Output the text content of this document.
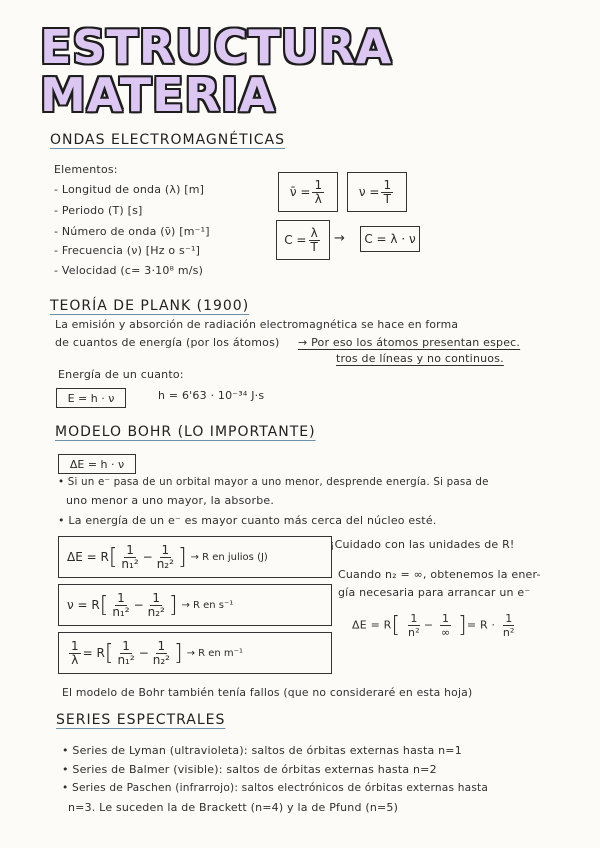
ESTRUCTURA
MATERIA
ONDAS ELECTROMAGNÉTICAS
Elementos:
- Longitud de onda (λ) [m]
- Periodo (T) [s]
- Número de onda (ν̄) [m⁻¹]
- Frecuencia (ν) [Hz o s⁻¹]
- Velocidad (c= 3·10⁸ m/s)
ν̄ = $\frac{1}{\lambda}$	$\nu = \frac{1}{T}$
$C = \frac{\lambda}{T}$ →	C = λ · ν
TEORÍA DE PLANK (1900)
La emisión y absorción de radiación electromagnética se hace en forma
de cuantos de energía (por los átomos) → Por eso los átomos presentan espec.
tros de líneas y no continuos.
Energía de un cuanto:
E = h · ν	h = 6'63 · 10⁻³⁴ J·s
MODELO BOHR (LO IMPORTANTE)
ΔE = h · ν
• Si un e⁻ pasa de un orbital mayor a uno menor, desprende energía. Si pasa de
uno menor a uno mayor, la absorbe.
• La energía de un e⁻ es mayor cuanto más cerca del núcleo esté.
ΔE = R [ 1
n₁² −
1
n₂² ] → R en julios (J)
ν = R [ 1
n₁² −
1
n₂² ] → R en s⁻¹
$\frac{1}{\lambda} = R$ [ 1
n₁² −
1
n₂² ] → R en m⁻¹
¡Cuidado con las unidades de R!
Cuando n₂ = ∞, obtenemos la ener-
gía necesaria para arrancar un e⁻
$\Delta E = R[ \frac{1}{\text{n²}} - 1$
∞ ]= $R \cdot \frac{1}{\text{n²}}$
El modelo de Bohr también tenía fallos (que no consideraré en esta hoja)
SERIES ESPECTRALES
• Series de Lyman (ultravioleta): saltos de órbitas externas hasta n=1
• Series de Balmer (visible): saltos de órbitas externas hasta n=2
• Series de Paschen (infrarrojo): saltos electrónicos de órbitas externas hasta
n=3. Le suceden la de Brackett (n=4) y la de Pfund (n=5)
